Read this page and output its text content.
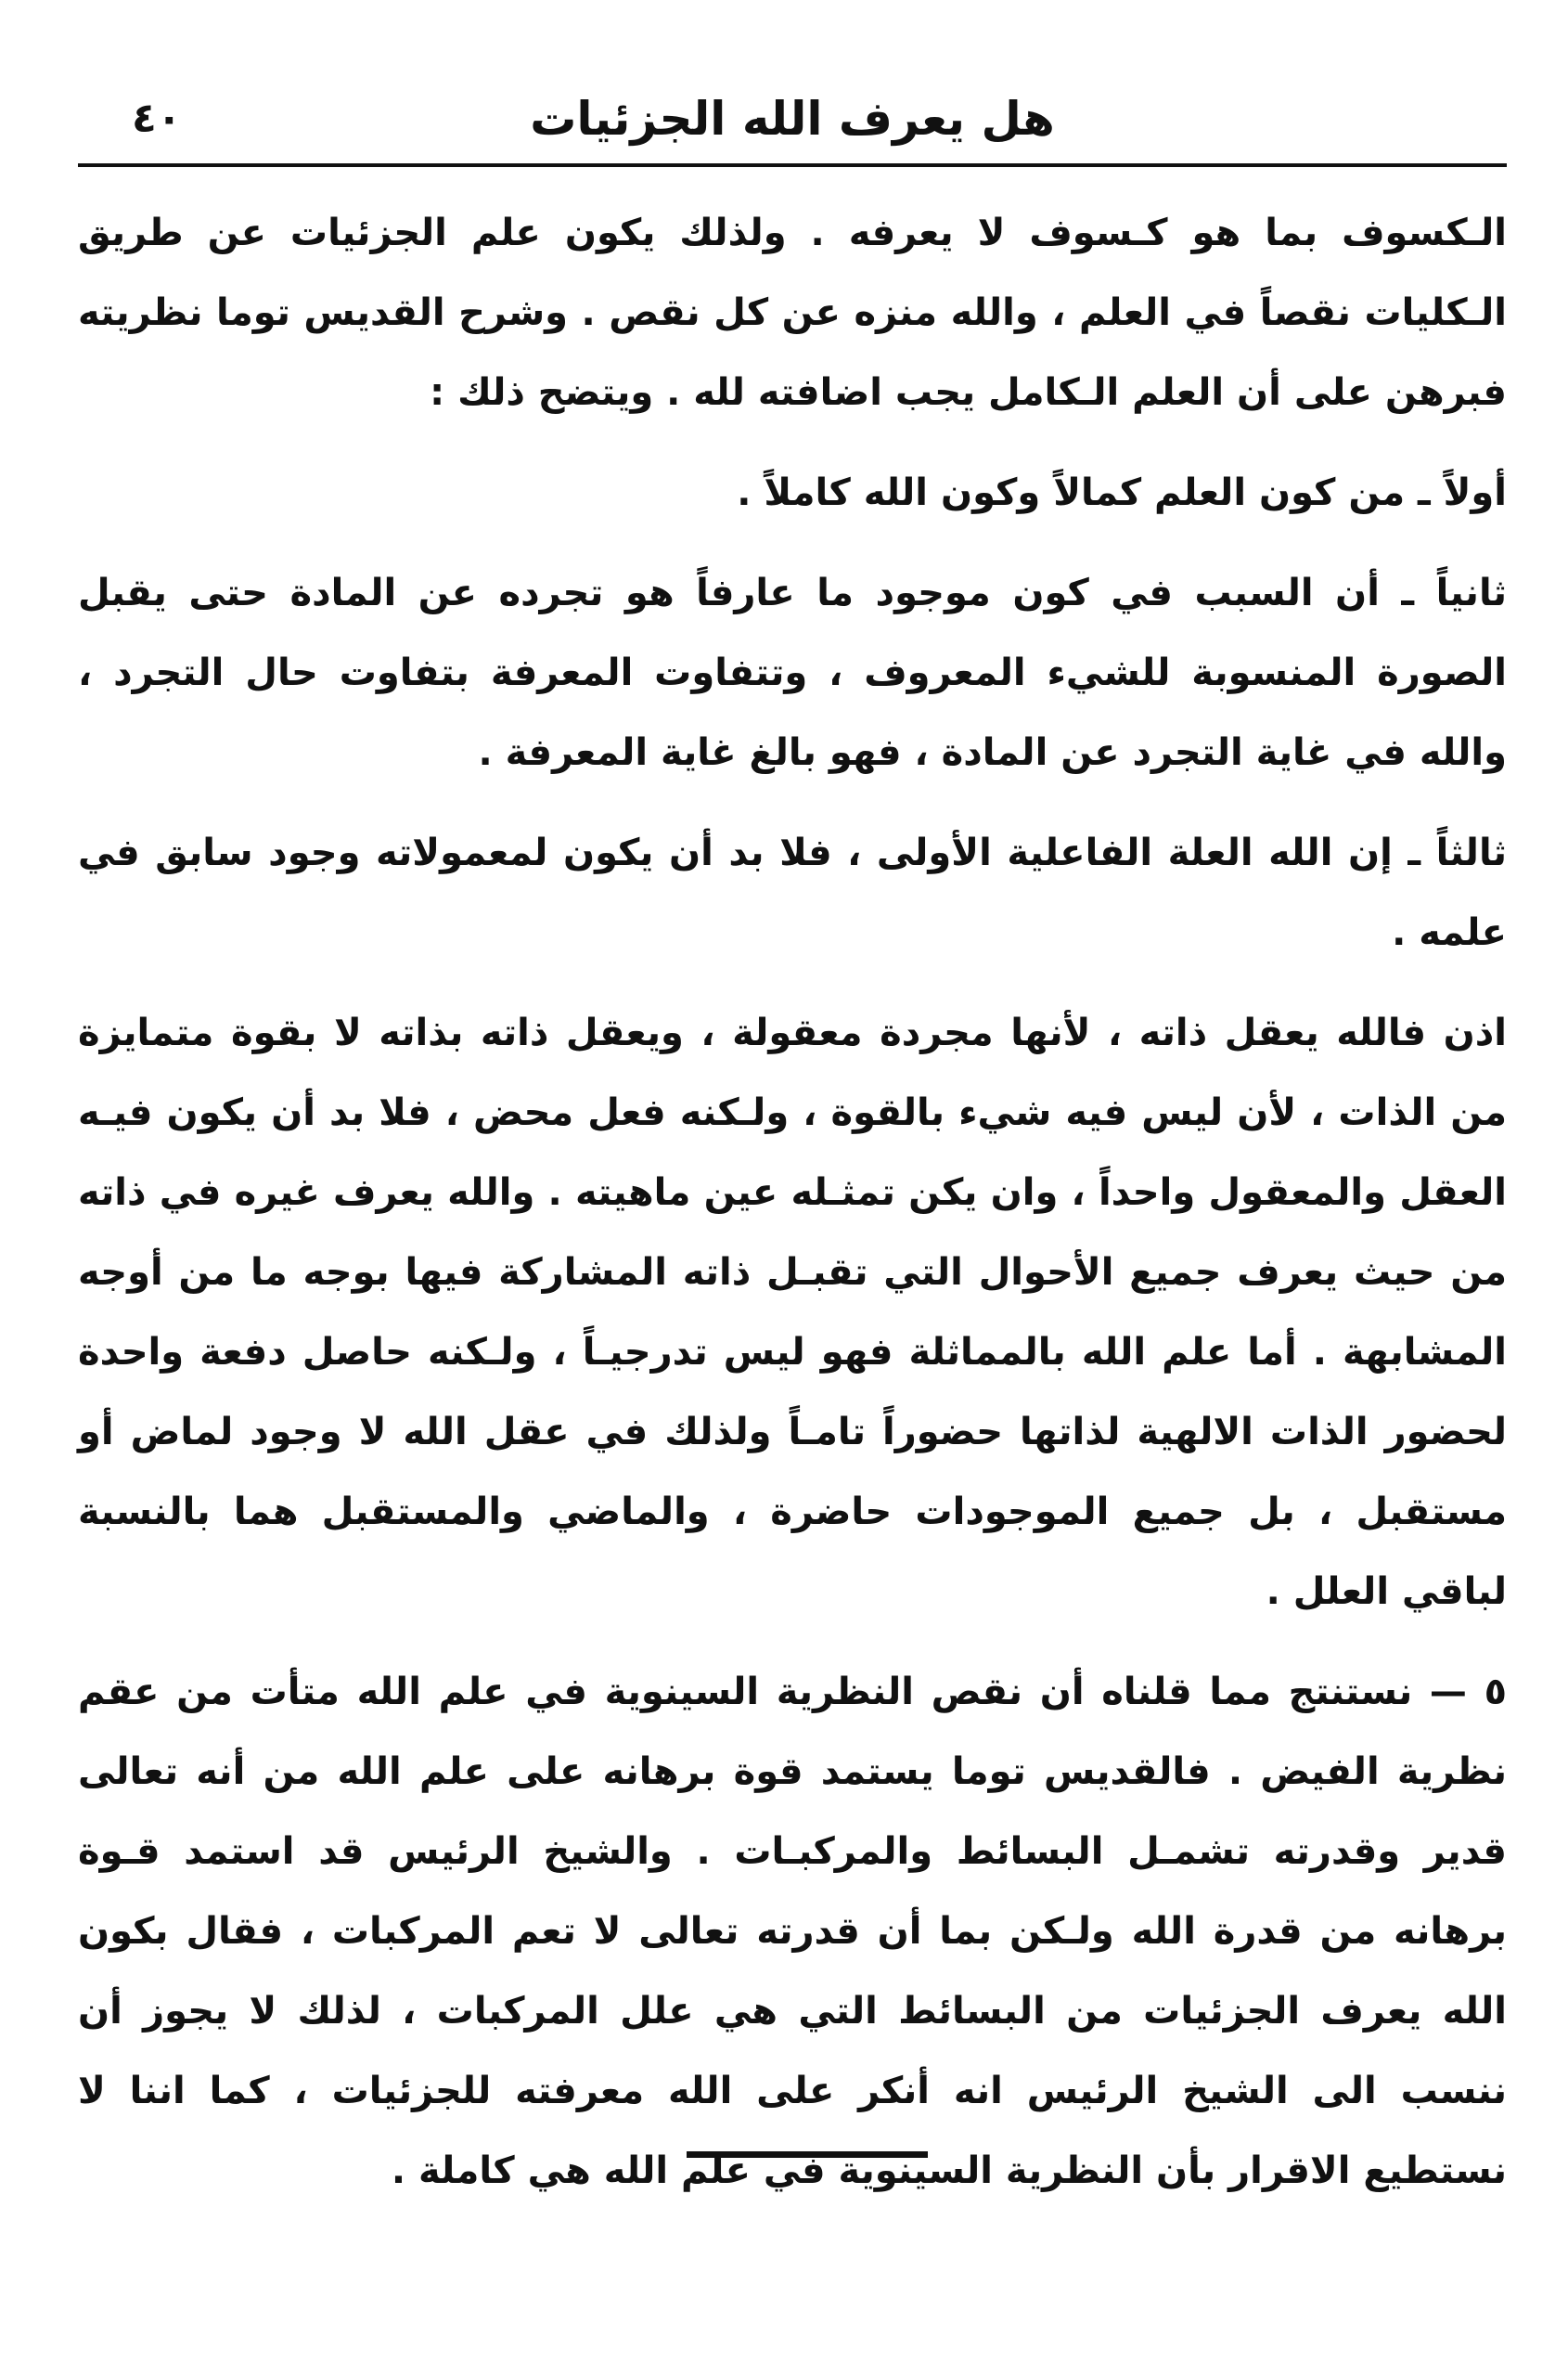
هل يعرف الله الجزئيات
٤٠

الـكسوف بما هو كـسوف لا يعرفه . ولذلك يكون علم الجزئيات عن طريق الـكليات نقصاً في العلم ، والله منزه عن كل نقص . وشرح القديس توما نظريته فبرهن على أن العلم الـكامل يجب اضافته لله . ويتضح ذلك :

أولاً ـ من كون العلم كمالاً وكون الله كاملاً .

ثانياً ـ أن السبب في كون موجود ما عارفاً هو تجرده عن المادة حتى يقبل الصورة المنسوبة للشيء المعروف ، وتتفاوت المعرفة بتفاوت حال التجرد ، والله في غاية التجرد عن المادة ، فهو بالغ غاية المعرفة .

ثالثاً ـ إن الله العلة الفاعلية الأولى ، فلا بد أن يكون لمعمولاته وجود سابق في علمه .

اذن فالله يعقل ذاته ، لأنها مجردة معقولة ، ويعقل ذاته بذاته لا بقوة متمايزة من الذات ، لأن ليس فيه شيء بالقوة ، ولـكنه فعل محض ، فلا بد أن يكون فيـه العقل والمعقول واحداً ، وان يكن تمثـله عين ماهيته . والله يعرف غيره في ذاته من حيث يعرف جميع الأحوال التي تقبـل ذاته المشاركة فيها بوجه ما من أوجه المشابهة . أما علم الله بالمماثلة فهو ليس تدرجيـاً ، ولـكنه حاصل دفعة واحدة لحضور الذات الالهية لذاتها حضوراً تامـاً ولذلك في عقل الله لا وجود لماض أو مستقبل ، بل جميع الموجودات حاضرة ، والماضي والمستقبل هما بالنسبة لباقي العلل .

٥ — نستنتج مما قلناه أن نقص النظرية السينوية في علم الله متأت من عقم نظرية الفيض . فالقديس توما يستمد قوة برهانه على علم الله من أنه تعالى قدير وقدرته تشمـل البسائط والمركبـات . والشيخ الرئيس قد استمد قـوة برهانه من قدرة الله ولـكن بما أن قدرته تعالى لا تعم المركبات ، فقال بكون الله يعرف الجزئيات من البسائط التي هي علل المركبات ، لذلك لا يجوز أن ننسب الى الشيخ الرئيس انه أنكر على الله معرفته للجزئيات ، كما اننا لا نستطيع الاقرار بأن النظرية السينوية في علم الله هي كاملة .
